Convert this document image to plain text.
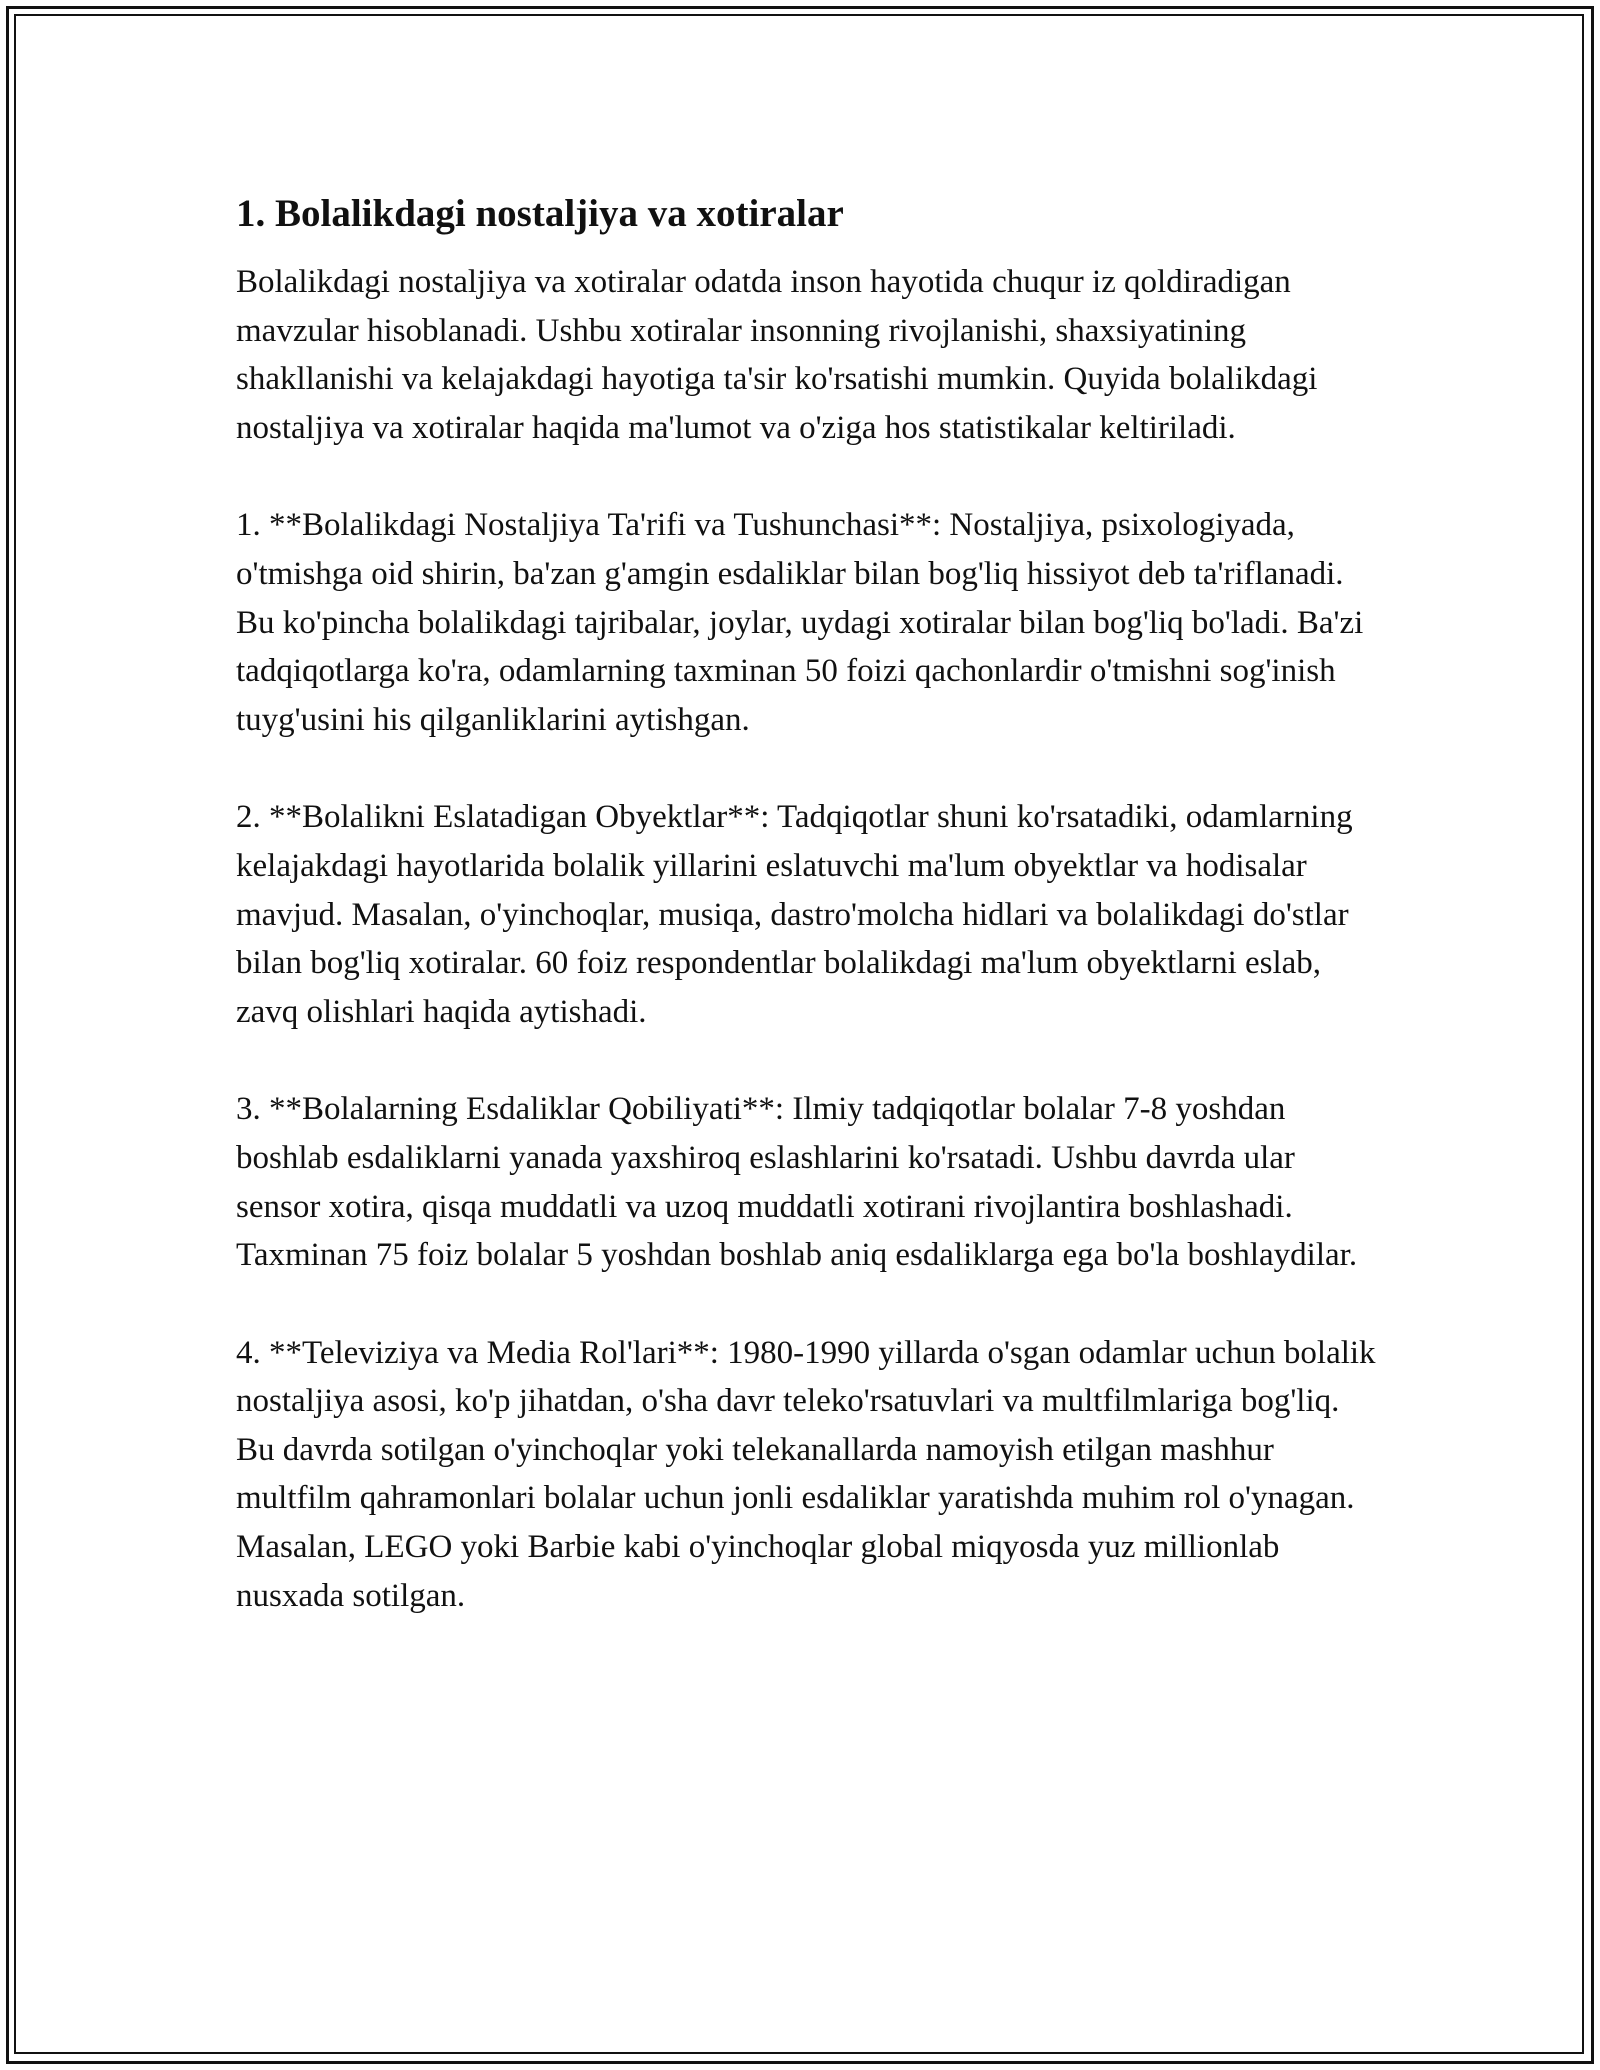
1. Bolalikdagi nostaljiya va xotiralar

Bolalikdagi nostaljiya va xotiralar odatda inson hayotida chuqur iz qoldiradigan mavzular hisoblanadi. Ushbu xotiralar insonning rivojlanishi, shaxsiyatining shakllanishi va kelajakdagi hayotiga ta'sir ko'rsatishi mumkin. Quyida bolalikdagi nostaljiya va xotiralar haqida ma'lumot va o'ziga hos statistikalar keltiriladi.

1. **Bolalikdagi Nostaljiya Ta'rifi va Tushunchasi**: Nostaljiya, psixologiyada, o'tmishga oid shirin, ba'zan g'amgin esdaliklar bilan bog'liq hissiyot deb ta'riflanadi. Bu ko'pincha bolalikdagi tajribalar, joylar, uydagi xotiralar bilan bog'liq bo'ladi. Ba'zi tadqiqotlarga ko'ra, odamlarning taxminan 50 foizi qachonlardir o'tmishni sog'inish tuyg'usini his qilganliklarini aytishgan.

2. **Bolalikni Eslatadigan Obyektlar**: Tadqiqotlar shuni ko'rsatadiki, odamlarning kelajakdagi hayotlarida bolalik yillarini eslatuvchi ma'lum obyektlar va hodisalar mavjud. Masalan, o'yinchoqlar, musiqa, dastro'molcha hidlari va bolalikdagi do'stlar bilan bog'liq xotiralar. 60 foiz respondentlar bolalikdagi ma'lum obyektlarni eslab, zavq olishlari haqida aytishadi.

3. **Bolalarning Esdaliklar Qobiliyati**: Ilmiy tadqiqotlar bolalar 7-8 yoshdan boshlab esdaliklarni yanada yaxshiroq eslashlarini ko'rsatadi. Ushbu davrda ular sensor xotira, qisqa muddatli va uzoq muddatli xotirani rivojlantira boshlashadi. Taxminan 75 foiz bolalar 5 yoshdan boshlab aniq esdaliklarga ega bo'la boshlaydilar.

4. **Televiziya va Media Rol'lari**: 1980-1990 yillarda o'sgan odamlar uchun bolalik nostaljiya asosi, ko'p jihatdan, o'sha davr teleko'rsatuvlari va multfilmlariga bog'liq. Bu davrda sotilgan o'yinchoqlar yoki telekanallarda namoyish etilgan mashhur multfilm qahramonlari bolalar uchun jonli esdaliklar yaratishda muhim rol o'ynagan. Masalan, LEGO yoki Barbie kabi o'yinchoqlar global miqyosda yuz millionlab nusxada sotilgan.
